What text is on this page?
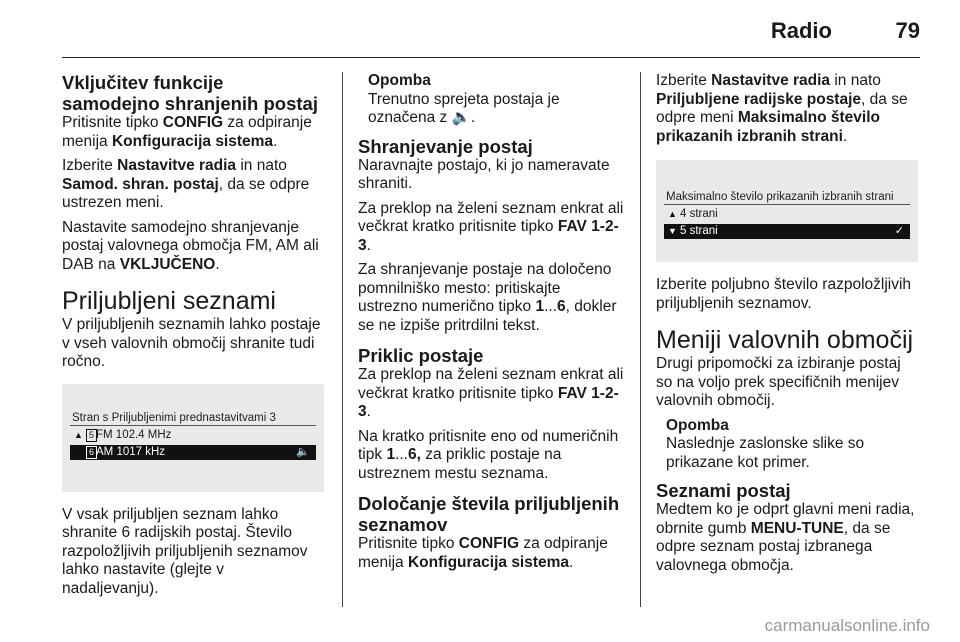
Radio	79
Vključitev funkcije samodejno shranjenih postaj

Pritisnite tipko CONFIG za odpiranje menija Konfiguracija sistema.

Izberite Nastavitve radia in nato Samod. shran. postaj, da se odpre ustrezen meni.

Nastavite samodejno shranjevanje postaj valovnega območja FM, AM ali DAB na VKLJUČENO.

Priljubljeni seznami

V priljubljenih seznamih lahko postaje v vseh valovnih območij shranite tudi ročno.

Stran s Priljubljenimi prednastavitvami 3
▲ 5 FM 102.4 MHz
6 AM 1017 kHz	🔈

V vsak priljubljen seznam lahko shranite 6 radijskih postaj. Število razpoložljivih priljubljenih seznamov lahko nastavite (glejte v nadaljevanju).

Opomba
Trenutno sprejeta postaja je označena z 🔈.
Shranjevanje postaj

Naravnajte postajo, ki jo nameravate shraniti.

Za preklop na želeni seznam enkrat ali večkrat kratko pritisnite tipko FAV 1-2-3.

Za shranjevanje postaje na določeno pomnilniško mesto: pritiskajte ustrezno numerično tipko 1...6, dokler se ne izpiše pritrdilni tekst.

Priklic postaje

Za preklop na želeni seznam enkrat ali večkrat kratko pritisnite tipko FAV 1-2-3.

Na kratko pritisnite eno od numeričnih tipk 1...6, za priklic postaje na ustreznem mestu seznama.

Določanje števila priljubljenih seznamov

Pritisnite tipko CONFIG za odpiranje menija Konfiguracija sistema.

Izberite Nastavitve radia in nato Priljubljene radijske postaje, da se odpre meni Maksimalno število prikazanih izbranih strani.

Maksimalno število prikazanih izbranih strani
▲ 4 strani
▼ 5 strani	✓

Izberite poljubno število razpoložljivih priljubljenih seznamov.

Meniji valovnih območij

Drugi pripomočki za izbiranje postaj so na voljo prek specifičnih menijev valovnih območij.

Opomba
Naslednje zaslonske slike so prikazane kot primer.
Seznami postaj

Medtem ko je odprt glavni meni radia, obrnite gumb MENU-TUNE, da se odpre seznam postaj izbranega valovnega območja.

carmanualsonline.info
